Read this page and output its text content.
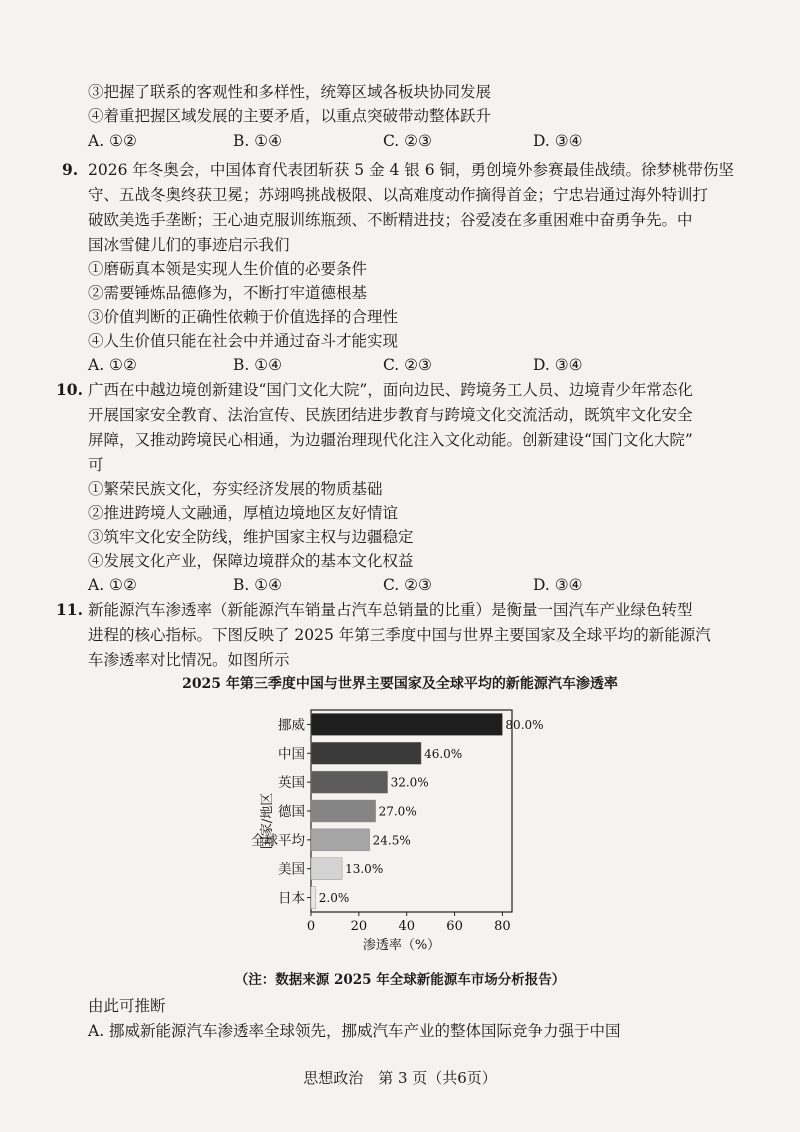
③把握了联系的客观性和多样性，统筹区域各板块协同发展
④着重把握区域发展的主要矛盾，以重点突破带动整体跃升
A. ①②	B. ①④	C. ②③	D. ③④
9. 2026 年冬奥会，中国体育代表团斩获 5 金 4 银 6 铜，勇创境外参赛最佳战绩。徐梦桃带伤坚
守、五战冬奥终获卫冕；苏翊鸣挑战极限、以高难度动作摘得首金；宁忠岩通过海外特训打
破欧美选手垄断；王心迪克服训练瓶颈、不断精进技；谷爱凌在多重困难中奋勇争先。中
国冰雪健儿们的事迹启示我们
①磨砺真本领是实现人生价值的必要条件
②需要锤炼品德修为，不断打牢道德根基
③价值判断的正确性依赖于价值选择的合理性
④人生价值只能在社会中并通过奋斗才能实现
A. ①②	B. ①④	C. ②③	D. ③④
10. 广西在中越边境创新建设“国门文化大院”，面向边民、跨境务工人员、边境青少年常态化
开展国家安全教育、法治宣传、民族团结进步教育与跨境文化交流活动，既筑牢文化安全
屏障，又推动跨境民心相通，为边疆治理现代化注入文化动能。创新建设“国门文化大院”
可
①繁荣民族文化，夯实经济发展的物质基础
②推进跨境人文融通，厚植边境地区友好情谊
③筑牢文化安全防线，维护国家主权与边疆稳定
④发展文化产业，保障边境群众的基本文化权益
A. ①②	B. ①④	C. ②③	D. ③④
11. 新能源汽车渗透率（新能源汽车销量占汽车总销量的比重）是衡量一国汽车产业绿色转型
进程的核心指标。下图反映了 2025 年第三季度中国与世界主要国家及全球平均的新能源汽
车渗透率对比情况。如图所示
2025 年第三季度中国与世界主要国家及全球平均的新能源汽车渗透率
挪威	80.0%
中国	46.0%
英国	32.0%
德国	27.0%
全球平均	24.5%
美国	13.0%
日本 2.0%
0	20 40 60 80
渗透率（%）
国家/地区
（注：数据来源 2025 年全球新能源车市场分析报告）
由此可推断
A. 挪威新能源汽车渗透率全球领先，挪威汽车产业的整体国际竞争力强于中国
思想政治　第 3 页（共6页）
